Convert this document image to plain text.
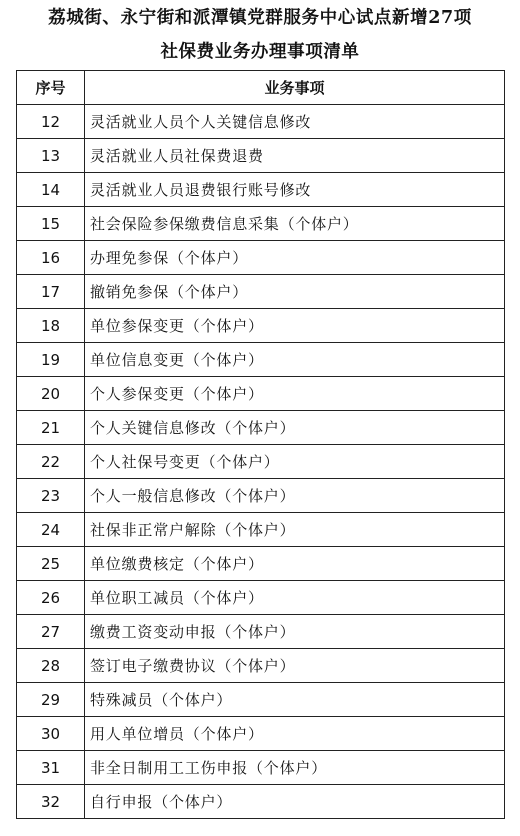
荔城街、永宁街和派潭镇党群服务中心试点新增27项
社保费业务办理事项清单
序号	业务事项
12	灵活就业人员个人关键信息修改
13	灵活就业人员社保费退费
14	灵活就业人员退费银行账号修改
15	社会保险参保缴费信息采集（个体户）
16	办理免参保（个体户）
17	撤销免参保（个体户）
18	单位参保变更（个体户）
19	单位信息变更（个体户）
20	个人参保变更（个体户）
21	个人关键信息修改（个体户）
22	个人社保号变更（个体户）
23	个人一般信息修改（个体户）
24	社保非正常户解除（个体户）
25	单位缴费核定（个体户）
26	单位职工减员（个体户）
27	缴费工资变动申报（个体户）
28	签订电子缴费协议（个体户）
29	特殊减员（个体户）
30	用人单位增员（个体户）
31	非全日制用工工伤申报（个体户）
32	自行申报（个体户）
